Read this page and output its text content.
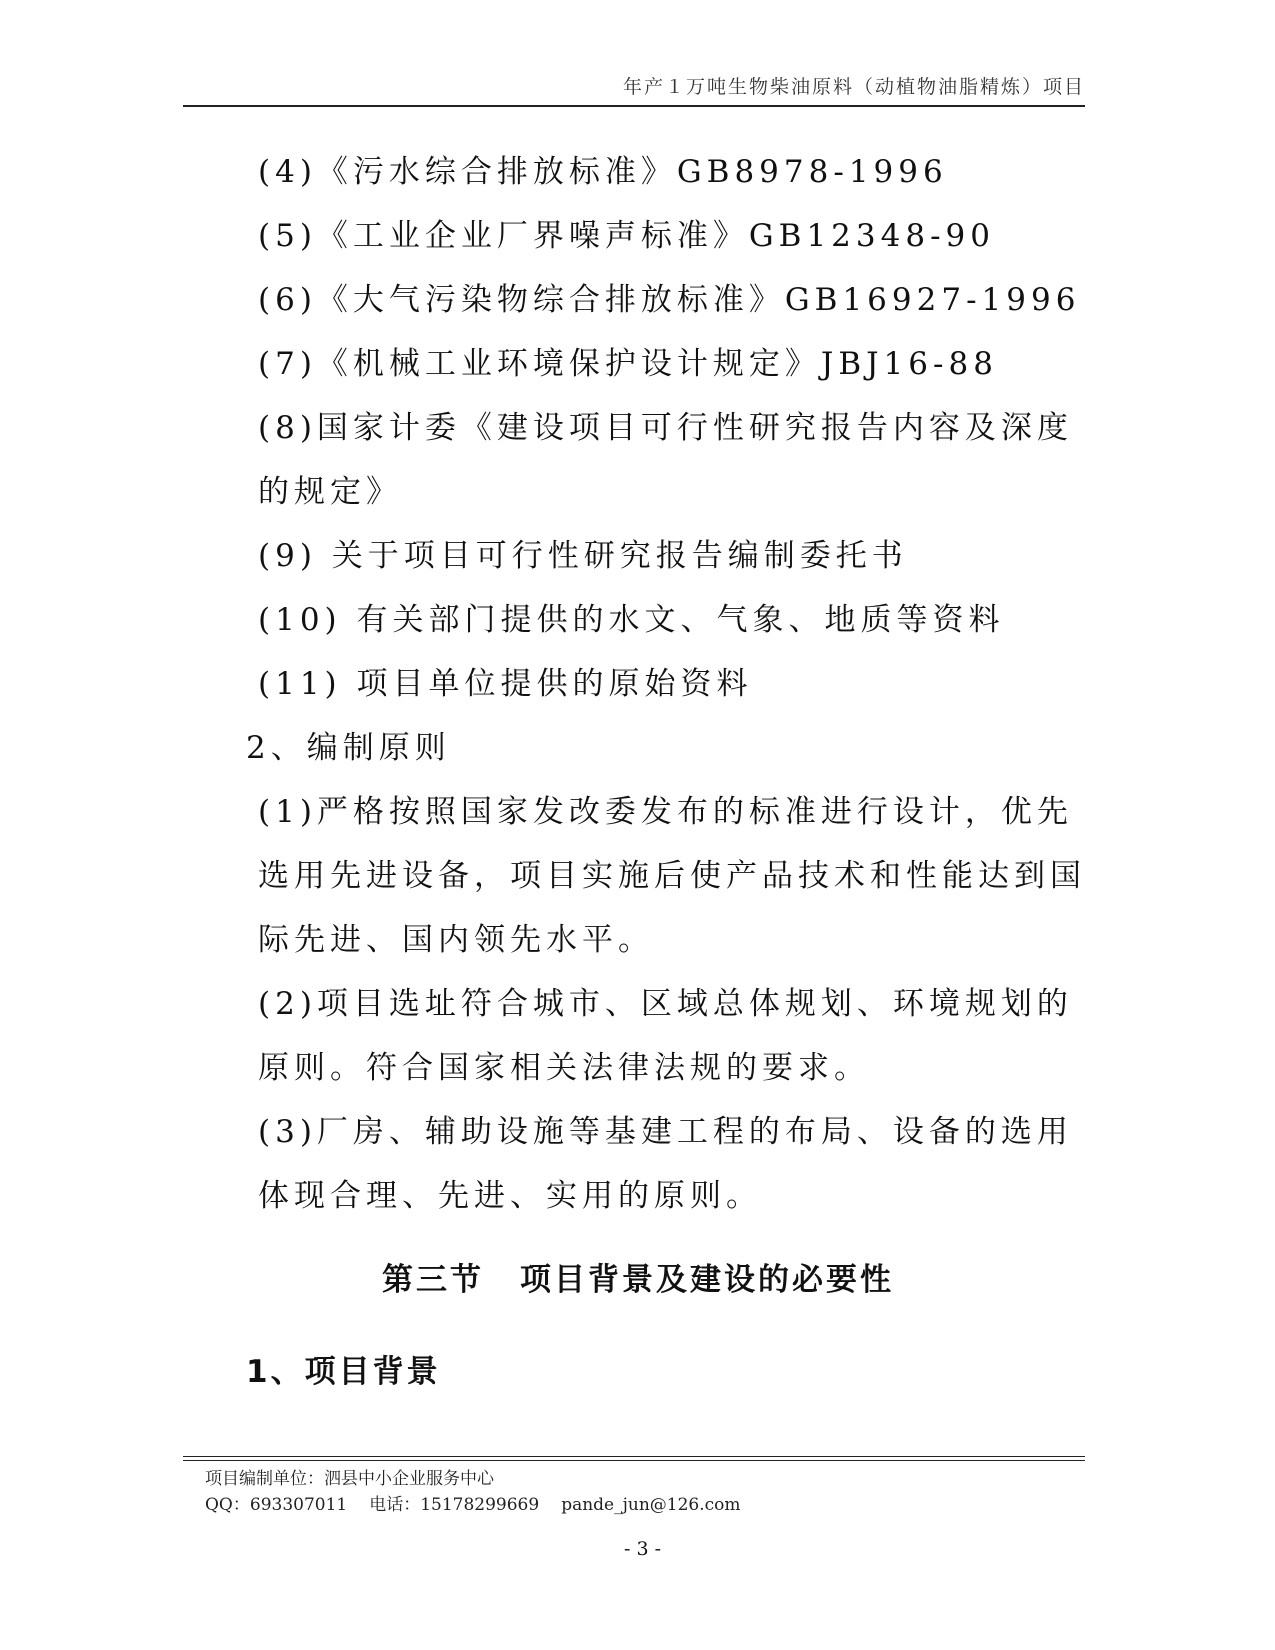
年产１万吨生物柴油原料（动植物油脂精炼）项目

(4)《污水综合排放标准》GB8978-1996

(5)《工业企业厂界噪声标准》GB12348-90

(6)《大气污染物综合排放标准》GB16927-1996

(7)《机械工业环境保护设计规定》JBJ16-88

(8)国家计委《建设项目可行性研究报告内容及深度的规定》

(9) 关于项目可行性研究报告编制委托书

(10) 有关部门提供的水文、气象、地质等资料

(11) 项目单位提供的原始资料

2、编制原则

(1)严格按照国家发改委发布的标准进行设计，优先选用先进设备，项目实施后使产品技术和性能达到国际先进、国内领先水平。

(2)项目选址符合城市、区域总体规划、环境规划的原则。符合国家相关法律法规的要求。

(3)厂房、辅助设施等基建工程的布局、设备的选用体现合理、先进、实用的原则。

第三节 项目背景及建设的必要性
1、项目背景
项目编制单位：泗县中小企业服务中心
QQ：693307011 电话：15178299669 pande_jun@126.com
- 3 -
